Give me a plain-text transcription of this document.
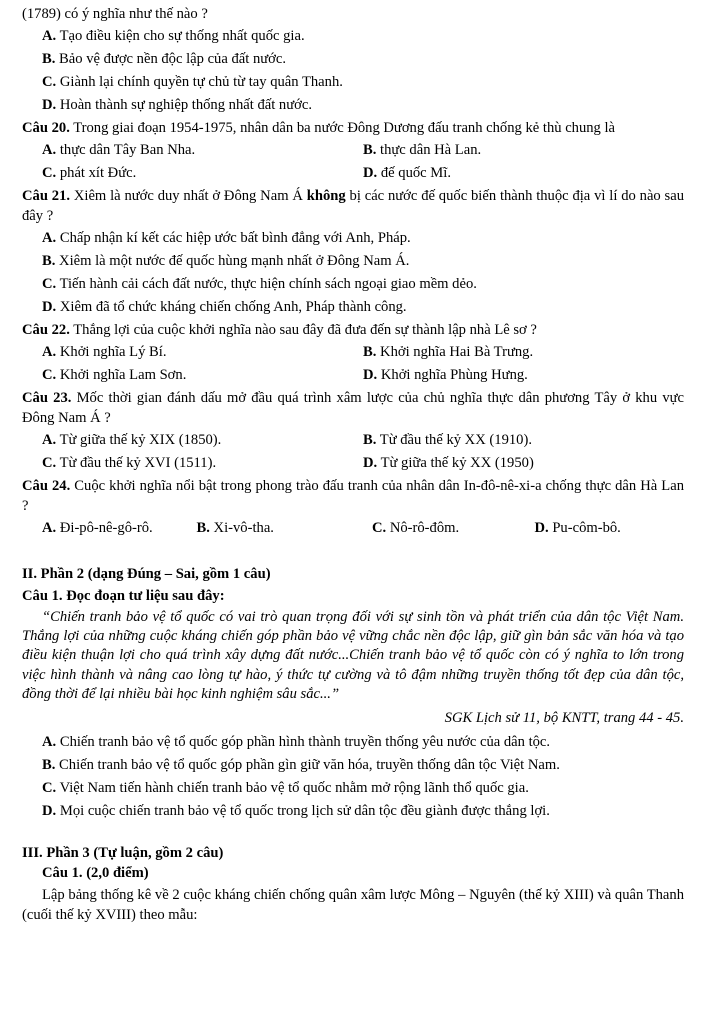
(1789) có ý nghĩa như thế nào ?
A. Tạo điều kiện cho sự thống nhất quốc gia.
B. Bảo vệ được nền độc lập của đất nước.
C. Giành lại chính quyền tự chủ từ tay quân Thanh.
D. Hoàn thành sự nghiệp thống nhất đất nước.
Câu 20. Trong giai đoạn 1954-1975, nhân dân ba nước Đông Dương đấu tranh chống kẻ thù chung là
A. thực dân Tây Ban Nha.	B. thực dân Hà Lan.
C. phát xít Đức.	D. đế quốc Mĩ.
Câu 21. Xiêm là nước duy nhất ở Đông Nam Á không bị các nước đế quốc biến thành thuộc địa vì lí do nào sau đây ?
A. Chấp nhận kí kết các hiệp ước bất bình đẳng với Anh, Pháp.
B. Xiêm là một nước đế quốc hùng mạnh nhất ở Đông Nam Á.
C. Tiến hành cải cách đất nước, thực hiện chính sách ngoại giao mềm dẻo.
D. Xiêm đã tổ chức kháng chiến chống Anh, Pháp thành công.
Câu 22. Thắng lợi của cuộc khởi nghĩa nào sau đây đã đưa đến sự thành lập nhà Lê sơ ?
A. Khởi nghĩa Lý Bí.	B. Khởi nghĩa Hai Bà Trưng.
C. Khởi nghĩa Lam Sơn.	D. Khởi nghĩa Phùng Hưng.
Câu 23. Mốc thời gian đánh dấu mở đầu quá trình xâm lược của chủ nghĩa thực dân phương Tây ở khu vực Đông Nam Á ?
A. Từ giữa thế kỷ XIX (1850).	B. Từ đầu thế kỷ XX (1910).
C. Từ đầu thế kỷ XVI (1511).	D. Từ giữa thế kỷ XX (1950)
Câu 24. Cuộc khởi nghĩa nổi bật trong phong trào đấu tranh của nhân dân In-đô-nê-xi-a chống thực dân Hà Lan ?
A. Đi-pô-nê-gô-rô.	B. Xi-vô-tha.	C. Nô-rô-đôm.	D. Pu-côm-bô.
II. Phần 2 (dạng Đúng – Sai, gồm 1 câu)
Câu 1. Đọc đoạn tư liệu sau đây:
“Chiến tranh bảo vệ tổ quốc có vai trò quan trọng đối với sự sinh tồn và phát triển của dân tộc Việt Nam. Thắng lợi của những cuộc kháng chiến góp phần bảo vệ vững chắc nền độc lập, giữ gìn bản sắc văn hóa và tạo điều kiện thuận lợi cho quá trình xây dựng đất nước...Chiến tranh bảo vệ tổ quốc còn có ý nghĩa to lớn trong việc hình thành và nâng cao lòng tự hào, ý thức tự cường và tô đậm những truyền thống tốt đẹp của dân tộc, đồng thời để lại nhiều bài học kinh nghiệm sâu sắc...”
SGK Lịch sử 11, bộ KNTT, trang 44 - 45.
A. Chiến tranh bảo vệ tổ quốc góp phần hình thành truyền thống yêu nước của dân tộc.
B. Chiến tranh bảo vệ tổ quốc góp phần gìn giữ văn hóa, truyền thống dân tộc Việt Nam.
C. Việt Nam tiến hành chiến tranh bảo vệ tổ quốc nhằm mở rộng lãnh thổ quốc gia.
D. Mọi cuộc chiến tranh bảo vệ tổ quốc trong lịch sử dân tộc đều giành được thắng lợi.
III. Phần 3 (Tự luận, gồm 2 câu)
Câu 1. (2,0 điểm)
Lập bảng thống kê về 2 cuộc kháng chiến chống quân xâm lược Mông – Nguyên (thế kỷ XIII) và quân Thanh (cuối thế kỷ XVIII) theo mẫu:
